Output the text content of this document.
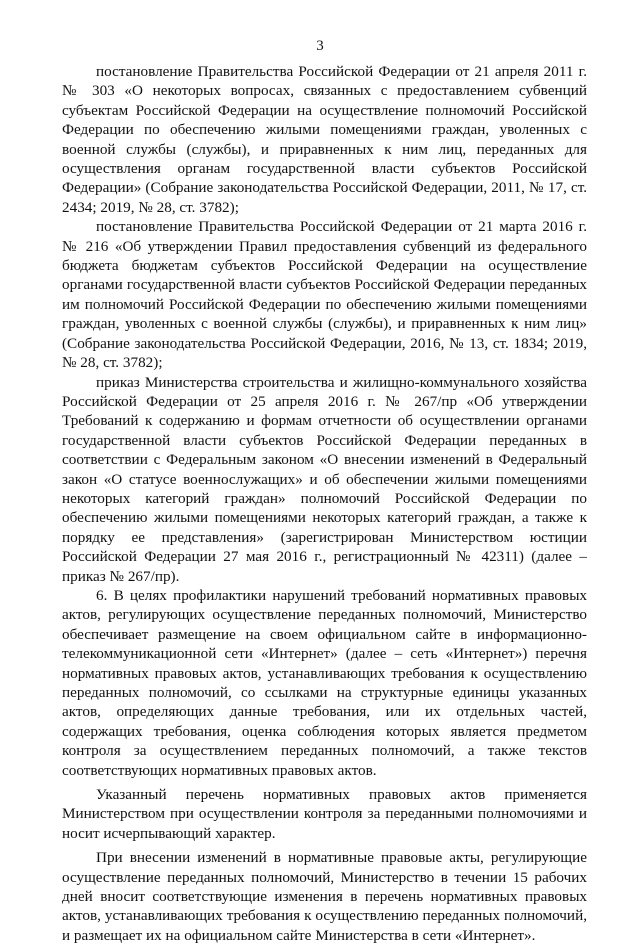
3

постановление Правительства Российской Федерации от 21 апреля 2011 г. № 303 «О некоторых вопросах, связанных с предоставлением субвенций субъектам Российской Федерации на осуществление полномочий Российской Федерации по обеспечению жилыми помещениями граждан, уволенных с военной службы (службы), и приравненных к ним лиц, переданных для осуществления органам государственной власти субъектов Российской Федерации» (Собрание законодательства Российской Федерации, 2011, № 17, ст. 2434; 2019, № 28, ст. 3782);

постановление Правительства Российской Федерации от 21 марта 2016 г. № 216 «Об утверждении Правил предоставления субвенций из федерального бюджета бюджетам субъектов Российской Федерации на осуществление органами государственной власти субъектов Российской Федерации переданных им полномочий Российской Федерации по обеспечению жилыми помещениями граждан, уволенных с военной службы (службы), и приравненных к ним лиц» (Собрание законодательства Российской Федерации, 2016, № 13, ст. 1834; 2019, № 28, ст. 3782);

приказ Министерства строительства и жилищно-коммунального хозяйства Российской Федерации от 25 апреля 2016 г. № 267/пр «Об утверждении Требований к содержанию и формам отчетности об осуществлении органами государственной власти субъектов Российской Федерации переданных в соответствии с Федеральным законом «О внесении изменений в Федеральный закон «О статусе военнослужащих» и об обеспечении жилыми помещениями некоторых категорий граждан» полномочий Российской Федерации по обеспечению жилыми помещениями некоторых категорий граждан, а также к порядку ее представления» (зарегистрирован Министерством юстиции Российской Федерации 27 мая 2016 г., регистрационный № 42311) (далее – приказ № 267/пр).

6. В целях профилактики нарушений требований нормативных правовых актов, регулирующих осуществление переданных полномочий, Министерство обеспечивает размещение на своем официальном сайте в информационно-телекоммуникационной сети «Интернет» (далее – сеть «Интернет») перечня нормативных правовых актов, устанавливающих требования к осуществлению переданных полномочий, со ссылками на структурные единицы указанных актов, определяющих данные требования, или их отдельных частей, содержащих требования, оценка соблюдения которых является предметом контроля за осуществлением переданных полномочий, а также текстов соответствующих нормативных правовых актов.

Указанный перечень нормативных правовых актов применяется Министерством при осуществлении контроля за переданными полномочиями и носит исчерпывающий характер.

При внесении изменений в нормативные правовые акты, регулирующие осуществление переданных полномочий, Министерство в течении 15 рабочих дней вносит соответствующие изменения в перечень нормативных правовых актов, устанавливающих требования к осуществлению переданных полномочий, и размещает их на официальном сайте Министерства в сети «Интернет».
